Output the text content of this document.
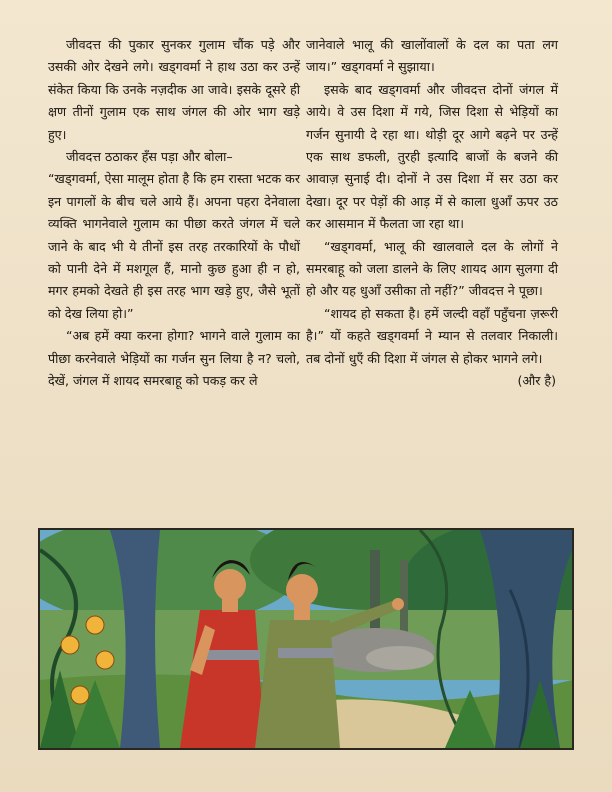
जीवदत्त की पुकार सुनकर गुलाम चौंक पड़े और उसकी ओर देखने लगे। खड्गवर्मा ने हाथ उठा कर उन्हें संकेत किया कि उनके नज़दीक आ जावे। इसके दूसरे ही क्षण तीनों गुलाम एक साथ जंगल की ओर भाग खड़े हुए।

जीवदत्त ठठाकर हँस पड़ा और बोला–

“खड्गवर्मा, ऐसा मालूम होता है कि हम रास्ता भटक कर इन पागलों के बीच चले आये हैं। अपना पहरा देनेवाला व्यक्ति भागनेवाले गुलाम का पीछा करते जंगल में चले जाने के बाद भी ये तीनों इस तरह तरकारियों के पौधों को पानी देने में मशगूल हैं, मानो कुछ हुआ ही न हो, मगर हमको देखते ही इस तरह भाग खड़े हुए, जैसे भूतों को देख लिया हो।”

“अब हमें क्या करना होगा? भागने वाले गुलाम का पीछा करनेवाले भेड़ियों का गर्जन सुन लिया है न? चलो, देखें, जंगल में शायद समरबाहू को पकड़ कर ले

जानेवाले भालू की खालोंवालों के दल का पता लग जाय।” खड्गवर्मा ने सुझाया।

इसके बाद खड्गवर्मा और जीवदत्त दोनों जंगल में आये। वे उस दिशा में गये, जिस दिशा से भेड़ियों का गर्जन सुनायी दे रहा था। थोड़ी दूर आगे बढ़ने पर उन्हें एक साथ डफली, तुरही इत्यादि बाजों के बजने की आवाज़ सुनाई दी। दोनों ने उस दिशा में सर उठा कर देखा। दूर पर पेड़ों की आड़ में से काला धुआँ ऊपर उठ कर आसमान में फैलता जा रहा था।

“खड्गवर्मा, भालू की खालवाले दल के लोगों ने समरबाहू को जला डालने के लिए शायद आग सुलगा दी हो और यह धुआँ उसीका तो नहीं?” जीवदत्त ने पूछा।

“शायद हो सकता है। हमें जल्दी वहाँ पहुँचना ज़रूरी है।” यों कहते खड्गवर्मा ने म्यान से तलवार निकाली। तब दोनों धुएँ की दिशा में जंगल से होकर भागने लगे।

(और है)
